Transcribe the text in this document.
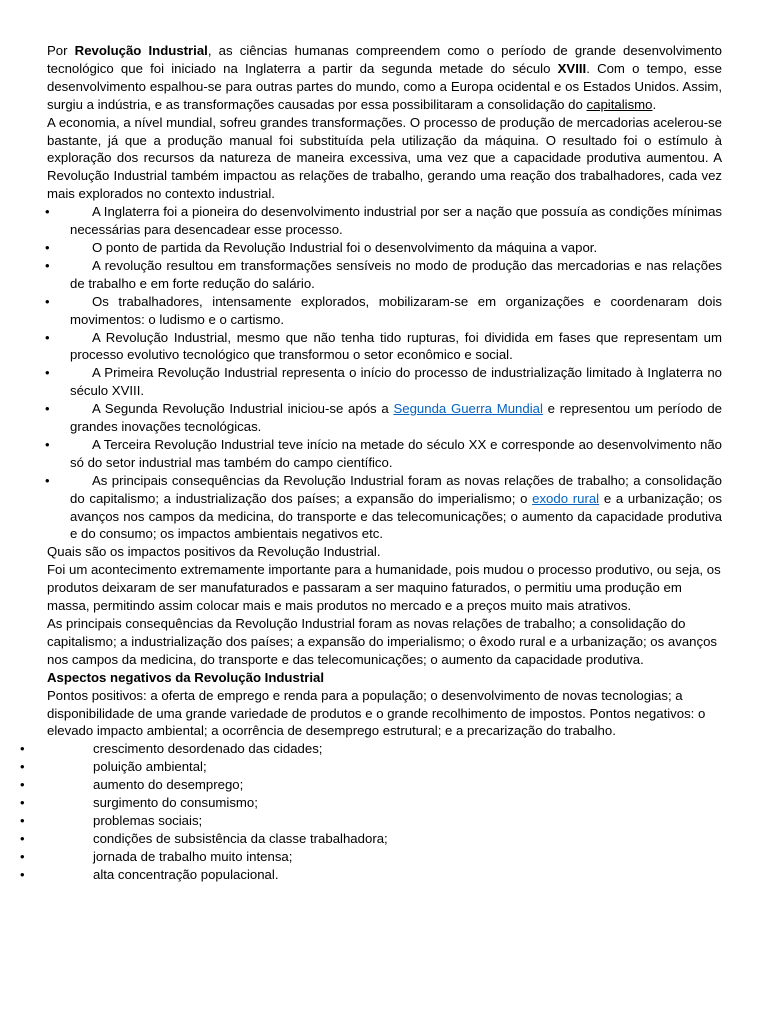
Por Revolução Industrial, as ciências humanas compreendem como o período de grande desenvolvimento tecnológico que foi iniciado na Inglaterra a partir da segunda metade do século XVIII. Com o tempo, esse desenvolvimento espalhou-se para outras partes do mundo, como a Europa ocidental e os Estados Unidos. Assim, surgiu a indústria, e as transformações causadas por essa possibilitaram a consolidação do capitalismo.

A economia, a nível mundial, sofreu grandes transformações. O processo de produção de mercadorias acelerou-se bastante, já que a produção manual foi substituída pela utilização da máquina. O resultado foi o estímulo à exploração dos recursos da natureza de maneira excessiva, uma vez que a capacidade produtiva aumentou. A Revolução Industrial também impactou as relações de trabalho, gerando uma reação dos trabalhadores, cada vez mais explorados no contexto industrial.

•	A Inglaterra foi a pioneira do desenvolvimento industrial por ser a nação que possuía as condições mínimas necessárias para desencadear esse processo.
•	O ponto de partida da Revolução Industrial foi o desenvolvimento da máquina a vapor.
•	A revolução resultou em transformações sensíveis no modo de produção das mercadorias e nas relações de trabalho e em forte redução do salário.
•	Os trabalhadores, intensamente explorados, mobilizaram-se em organizações e coordenaram dois movimentos: o ludismo e o cartismo.
•	A Revolução Industrial, mesmo que não tenha tido rupturas, foi dividida em fases que representam um processo evolutivo tecnológico que transformou o setor econômico e social.
•	A Primeira Revolução Industrial representa o início do processo de industrialização limitado à Inglaterra no século XVIII.
•	A Segunda Revolução Industrial iniciou-se após a Segunda Guerra Mundial e representou um período de grandes inovações tecnológicas.
•	A Terceira Revolução Industrial teve início na metade do século XX e corresponde ao desenvolvimento não só do setor industrial mas também do campo científico.
•	As principais consequências da Revolução Industrial foram as novas relações de trabalho; a consolidação do capitalismo; a industrialização dos países; a expansão do imperialismo; o exodo rural e a urbanização; os avanços nos campos da medicina, do transporte e das telecomunicações; o aumento da capacidade produtiva e do consumo; os impactos ambientais negativos etc.

Quais são os impactos positivos da Revolução Industrial.

Foi um acontecimento extremamente importante para a humanidade, pois mudou o processo produtivo, ou seja, os produtos deixaram de ser manufaturados e passaram a ser maquino faturados, o permitiu uma produção em massa, permitindo assim colocar mais e mais produtos no mercado e a preços muito mais atrativos.

As principais consequências da Revolução Industrial foram as novas relações de trabalho; a consolidação do capitalismo; a industrialização dos países; a expansão do imperialismo; o êxodo rural e a urbanização; os avanços nos campos da medicina, do transporte e das telecomunicações; o aumento da capacidade produtiva.

Aspectos negativos da Revolução Industrial

Pontos positivos: a oferta de emprego e renda para a população; o desenvolvimento de novas tecnologias; a disponibilidade de uma grande variedade de produtos e o grande recolhimento de impostos. Pontos negativos: o elevado impacto ambiental; a ocorrência de desemprego estrutural; e a precarização do trabalho.

•	crescimento desordenado das cidades;
•	poluição ambiental;
•	aumento do desemprego;
•	surgimento do consumismo;
•	problemas sociais;
•	condições de subsistência da classe trabalhadora;
•	jornada de trabalho muito intensa;
•	alta concentração populacional.
